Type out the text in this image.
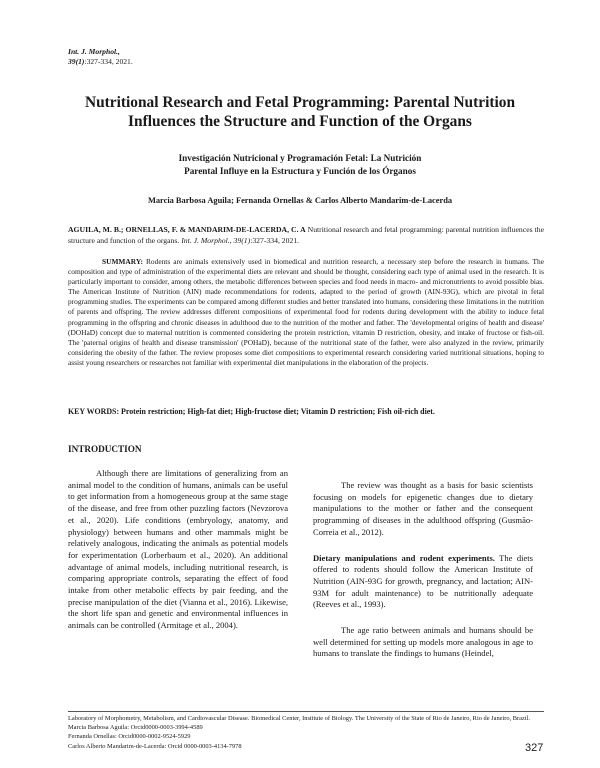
Int. J. Morphol.,
39(1):327-334, 2021.
Nutritional Research and Fetal Programming: Parental Nutrition
Influences the Structure and Function of the Organs
Investigación Nutricional y Programación Fetal: La Nutrición
Parental Influye en la Estructura y Función de los Órganos
Marcia Barbosa Aguila; Fernanda Ornellas & Carlos Alberto Mandarim-de-Lacerda
AGUILA, M. B.; ORNELLAS, F. & MANDARIM-DE-LACERDA, C. A Nutritional research and fetal programming: parental nutrition influences the structure and function of the organs. Int. J. Morphol., 39(1):327-334, 2021.
SUMMARY: Rodents are animals extensively used in biomedical and nutrition research, a necessary step before the research in humans. The composition and type of administration of the experimental diets are relevant and should be thought, considering each type of animal used in the research. It is particularly important to consider, among others, the metabolic differences between species and food needs in macro- and micronutrients to avoid possible bias. The American Institute of Nutrition (AIN) made recommendations for rodents, adapted to the period of growth (AIN-93G), which are pivotal in fetal programming studies. The experiments can be compared among different studies and better translated into humans, considering these limitations in the nutrition of parents and offspring. The review addresses different compositions of experimental food for rodents during development with the ability to induce fetal programming in the offspring and chronic diseases in adulthood due to the nutrition of the mother and father. The 'developmental origins of health and disease' (DOHaD) concept due to maternal nutrition is commented considering the protein restriction, vitamin D restriction, obesity, and intake of fructose or fish-oil. The 'paternal origins of health and disease transmission' (POHaD), because of the nutritional state of the father, were also analyzed in the review, primarily considering the obesity of the father. The review proposes some diet compositions to experimental research considering varied nutritional situations, hoping to assist young researchers or researches not familiar with experimental diet manipulations in the elaboration of the projects.
KEY WORDS: Protein restriction; High-fat diet; High-fructose diet; Vitamin D restriction; Fish oil-rich diet.
INTRODUCTION

Although there are limitations of generalizing from an animal model to the condition of humans, animals can be useful to get information from a homogeneous group at the same stage of the disease, and free from other puzzling factors (Nevzorova et al., 2020). Life conditions (embryology, anatomy, and physiology) between humans and other mammals might be relatively analogous, indicating the animals as potential models for experimentation (Lorberbaum et al., 2020). An additional advantage of animal models, including nutritional research, is comparing appropriate controls, separating the effect of food intake from other metabolic effects by pair feeding, and the precise manipulation of the diet (Vianna et al., 2016). Likewise, the short life span and genetic and environmental influences in animals can be controlled (Armitage et al., 2004).

The review was thought as a basis for basic scientists focusing on models for epigenetic changes due to dietary manipulations to the mother or father and the consequent programming of diseases in the adulthood offspring (Gusmão-Correia et al., 2012).

Dietary manipulations and rodent experiments. The diets offered to rodents should follow the American Institute of Nutrition (AIN-93G for growth, pregnancy, and lactation; AIN-93M for adult maintenance) to be nutritionally adequate (Reeves et al., 1993).

The age ratio between animals and humans should be well determined for setting up models more analogous in age to humans to translate the findings to humans (Heindel,

Laboratory of Morphometry, Metabolism, and Cardiovascular Disease. Biomedical Center, Institute of Biology. The University of the State of Rio de Janeiro, Rio de Janeiro, Brazil.
Marcia Barbosa Aguila: Orcid0000-0003-3994-4589
Fernanda Ornellas: Orcid0000-0002-9524-5929
Carlos Alberto Mandarim-de-Lacerda: Orcid 0000-0003-4134-7978	327
